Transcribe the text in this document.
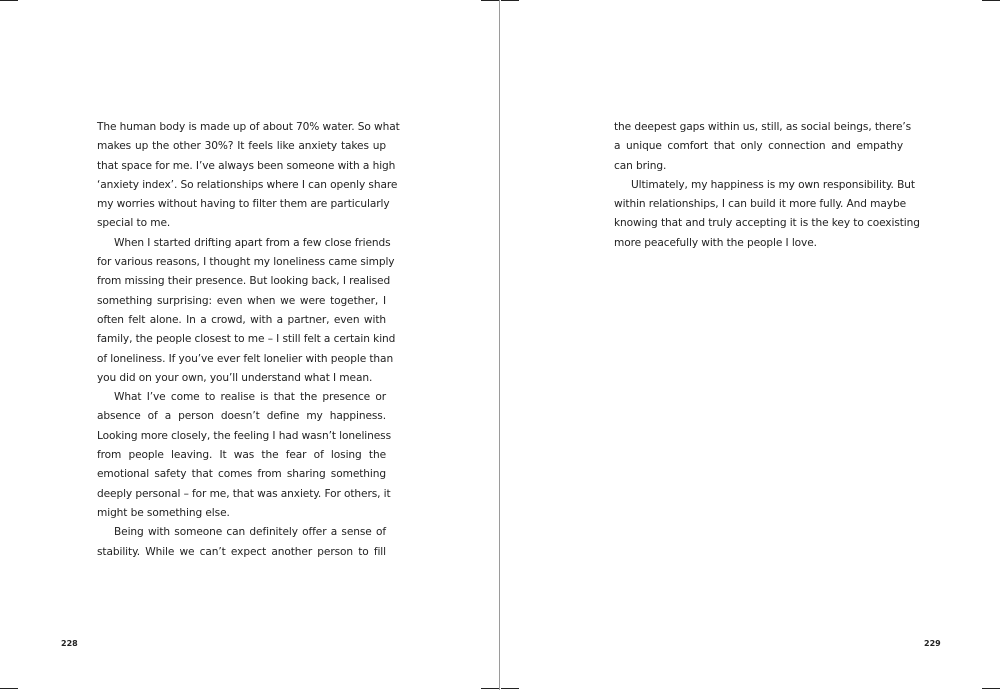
The human body is made up of about 70% water. So what
makes up the other 30%? It feels like anxiety takes up
that space for me. I’ve always been someone with a high
‘anxiety index’. So relationships where I can openly share
my worries without having to filter them are particularly
special to me.
When I started drifting apart from a few close friends
for various reasons, I thought my loneliness came simply
from missing their presence. But looking back, I realised
something surprising: even when we were together, I
often felt alone. In a crowd, with a partner, even with
family, the people closest to me – I still felt a certain kind
of loneliness. If you’ve ever felt lonelier with people than
you did on your own, you’ll understand what I mean.
What I’ve come to realise is that the presence or
absence of a person doesn’t define my happiness.
Looking more closely, the feeling I had wasn’t loneliness
from people leaving. It was the fear of losing the
emotional safety that comes from sharing something
deeply personal – for me, that was anxiety. For others, it
might be something else.
Being with someone can definitely offer a sense of
stability. While we can’t expect another person to fill
228
the deepest gaps within us, still, as social beings, there’s
a unique comfort that only connection and empathy
can bring.
Ultimately, my happiness is my own responsibility. But
within relationships, I can build it more fully. And maybe
knowing that and truly accepting it is the key to coexisting
more peacefully with the people I love.
229
